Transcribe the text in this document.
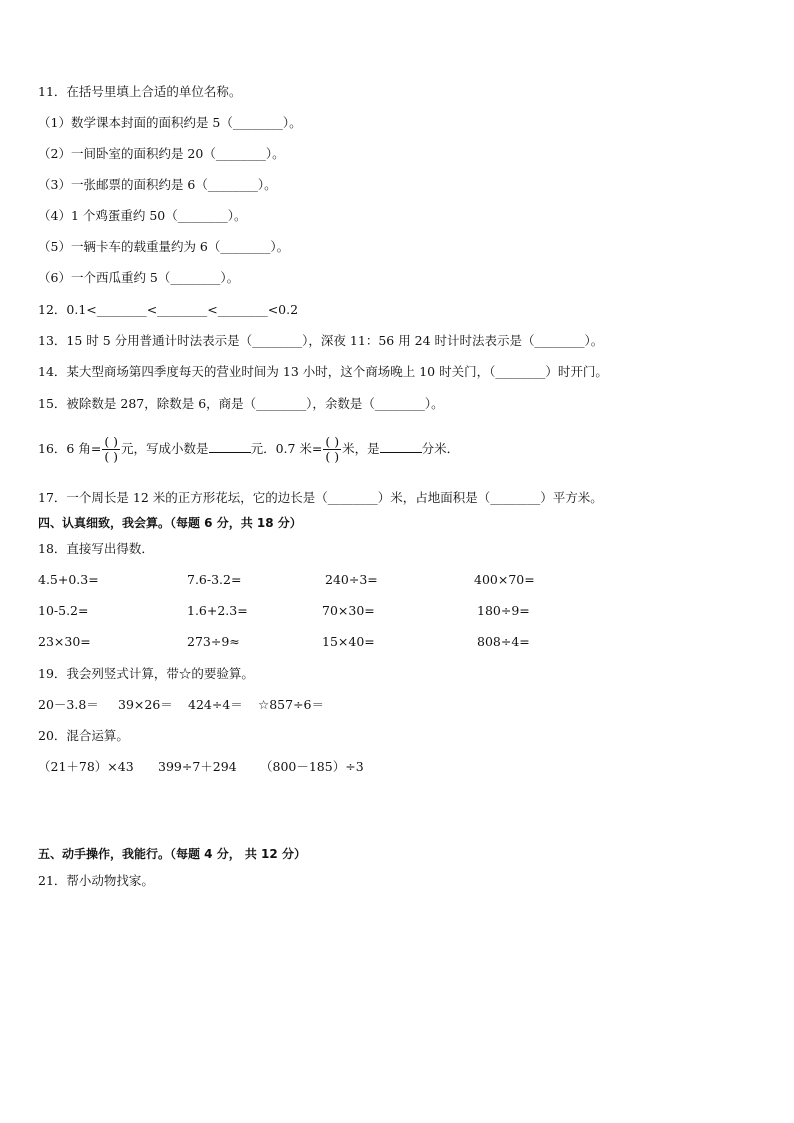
11．在括号里填上合适的单位名称。
（1）数学课本封面的面积约是 5（________）。
（2）一间卧室的面积约是 20（________）。
（3）一张邮票的面积约是 6（________）。
（4）1 个鸡蛋重约 50（________）。
（5）一辆卡车的载重量约为 6（________）。
（6）一个西瓜重约 5（________）。
12．0.1<________<________<________<0.2
13．15 时 5 分用普通计时法表示是（________），深夜 11：56 用 24 时计时法表示是（________）。
14．某大型商场第四季度每天的营业时间为 13 小时，这个商场晚上 10 时关门，（________）时开门。
15．被除数是 287，除数是 6，商是（________），余数是（________）。
16．6 角= $\frac{( )}{( )}$ 元，写成小数是	元．0.7 米= $\frac{( )}{( )}$ 米，是	分米．
17．一个周长是 12 米的正方形花坛，它的边长是（________）米，占地面积是（________）平方米。
四、认真细致，我会算。（每题 6 分，共 18 分）
18．直接写出得数．
4.5+0.3=	7.6-3.2=	240÷3=	400×70=
10-5.2=	1.6+2.3=	70×30=	180÷9=
23×30=	273÷9≈	15×40=	808÷4=
19．我会列竖式计算，带☆的要验算。
20－3.8＝ 39×26＝ 424÷4＝ ☆857÷6＝
20．混合运算。
（21＋78）×43 399÷7＋294 （800－185）÷3
五、动手操作，我能行。（每题 4 分， 共 12 分）
21．帮小动物找家。
